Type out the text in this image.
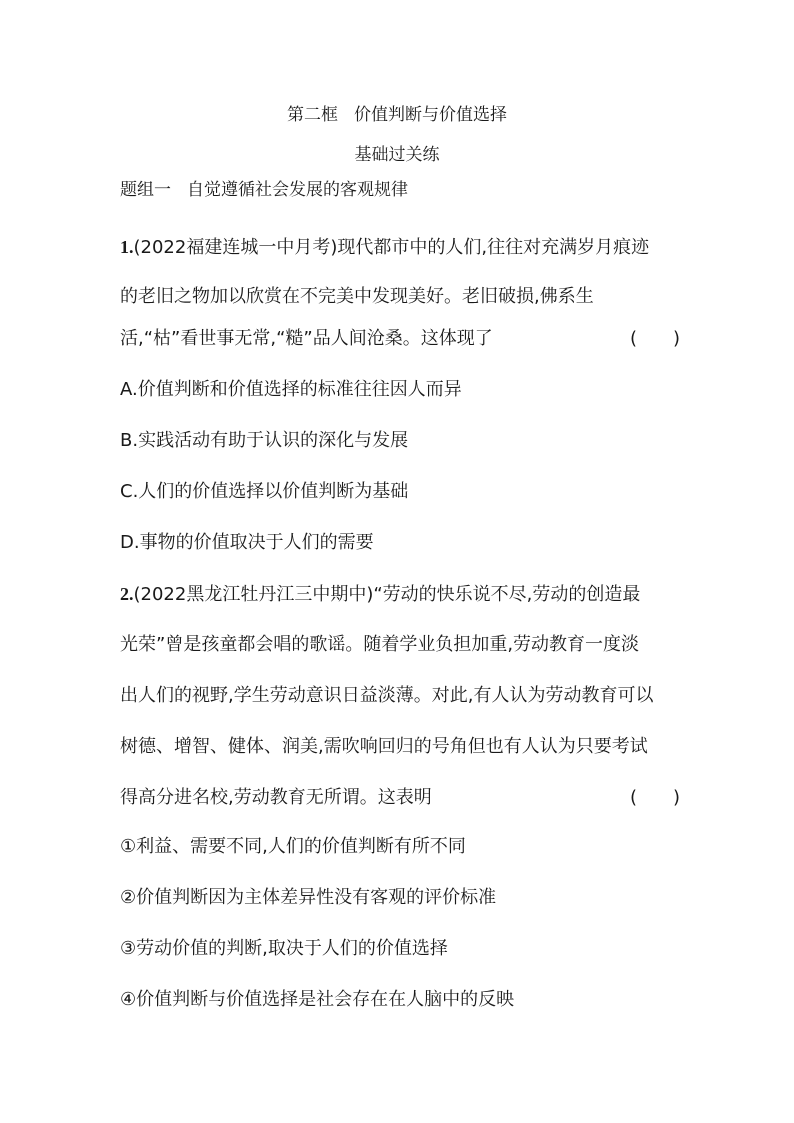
第二框 价值判断与价值选择
基础过关练
题组一 自觉遵循社会发展的客观规律
1.(2022福建连城一中月考)现代都市中的人们,往往对充满岁月痕迹
的老旧之物加以欣赏在不完美中发现美好。老旧破损,佛系生
活,“枯”看世事无常,“糙”品人间沧桑。这体现了	(　　)
A.价值判断和价值选择的标准往往因人而异
B.实践活动有助于认识的深化与发展
C.人们的价值选择以价值判断为基础
D.事物的价值取决于人们的需要
2.(2022黑龙江牡丹江三中期中)“劳动的快乐说不尽,劳动的创造最
光荣”曾是孩童都会唱的歌谣。随着学业负担加重,劳动教育一度淡
出人们的视野,学生劳动意识日益淡薄。对此,有人认为劳动教育可以
树德、增智、健体、润美,需吹响回归的号角但也有人认为只要考试
得高分进名校,劳动教育无所谓。这表明	(　　)
①利益、需要不同,人们的价值判断有所不同
②价值判断因为主体差异性没有客观的评价标准
③劳动价值的判断,取决于人们的价值选择
④价值判断与价值选择是社会存在在人脑中的反映
